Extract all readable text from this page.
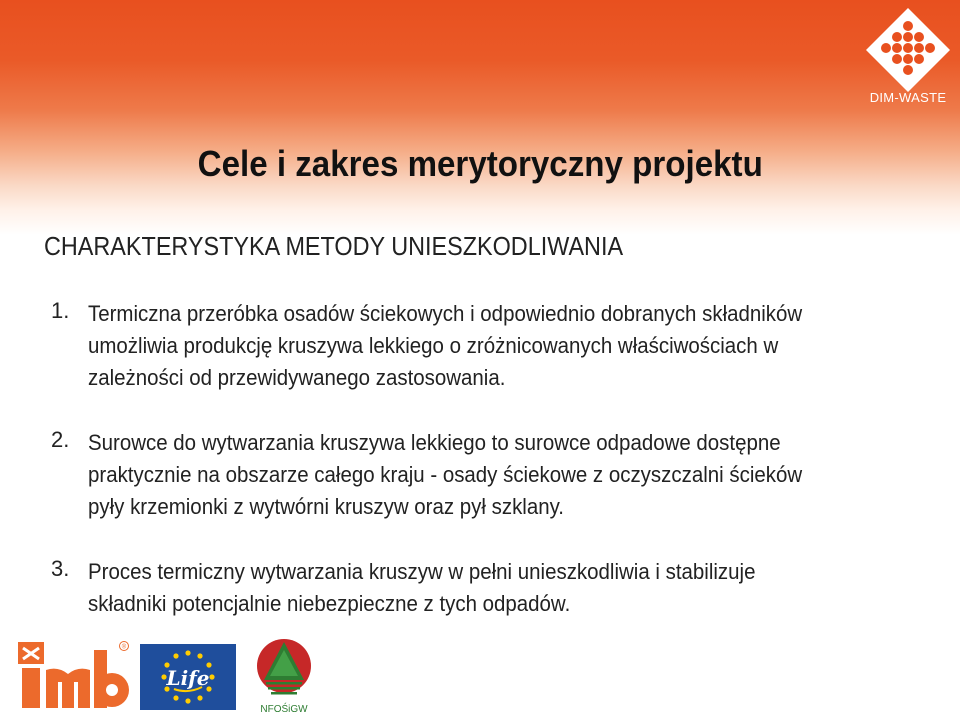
DIM-WASTE
Cele i zakres merytoryczny projektu
CHARAKTERYSTYKA METODY UNIESZKODLIWANIA
1. Termiczna przeróbka osadów ściekowych i odpowiednio dobranych składników
umożliwia produkcję kruszywa lekkiego o zróżnicowanych właściwościach w
zależności od przewidywanego zastosowania.
2. Surowce do wytwarzania kruszywa lekkiego to surowce odpadowe dostępne
praktycznie na obszarze całego kraju - osady ściekowe z oczyszczalni ścieków
pyły krzemionki z wytwórni kruszyw oraz pył szklany.
3. Proces termiczny wytwarzania kruszyw w pełni unieszkodliwia i stabilizuje
składniki potencjalnie niebezpieczne z tych odpadów.
®
Life
NFOŚiGW
